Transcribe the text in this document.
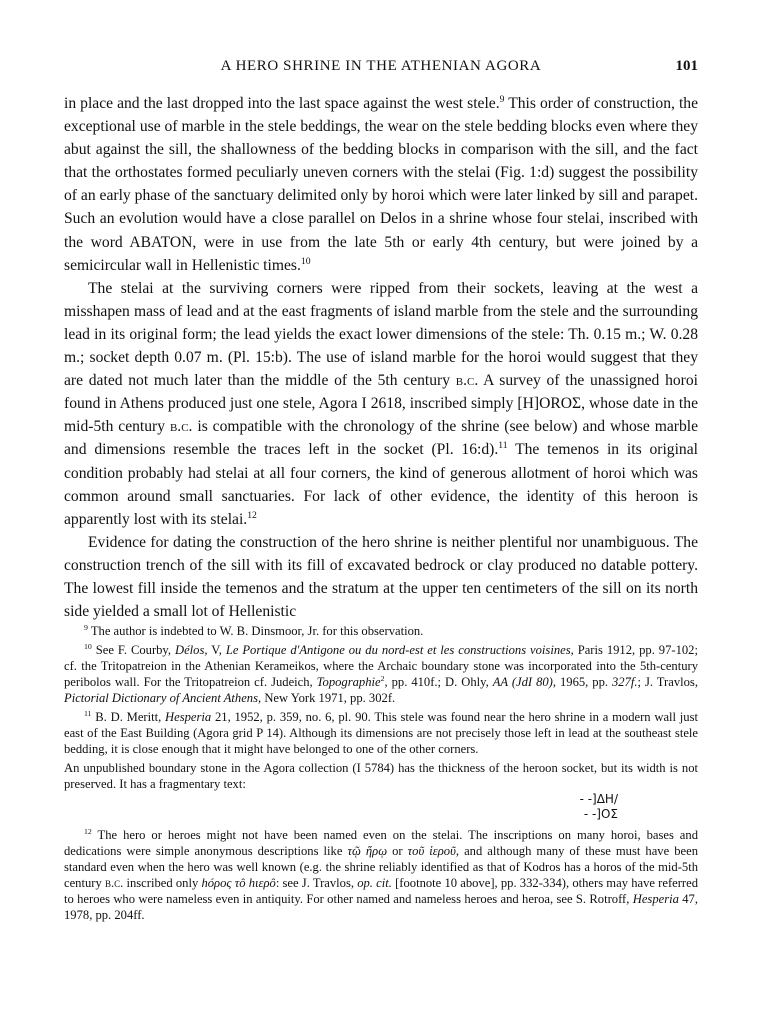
A HERO SHRINE IN THE ATHENIAN AGORA	101

in place and the last dropped into the last space against the west stele.$^9$ This order of construction, the exceptional use of marble in the stele beddings, the wear on the stele bedding blocks even where they abut against the sill, the shallowness of the bedding blocks in comparison with the sill, and the fact that the orthostates formed peculiarly uneven corners with the stelai (Fig. 1:d) suggest the possibility of an early phase of the sanctuary delimited only by horoi which were later linked by sill and parapet. Such an evolution would have a close parallel on Delos in a shrine whose four stelai, inscribed with the word ABATON, were in use from the late 5th or early 4th century, but were joined by a semicircular wall in Hellenistic times.$^{10}$

The stelai at the surviving corners were ripped from their sockets, leaving at the west a misshapen mass of lead and at the east fragments of island marble from the stele and the surrounding lead in its original form; the lead yields the exact lower dimensions of the stele: Th. 0.15 m.; W. 0.28 m.; socket depth 0.07 m. (Pl. 15:b). The use of island marble for the horoi would suggest that they are dated not much later than the middle of the 5th century b.c. A survey of the unassigned horoi found in Athens produced just one stele, Agora I 2618, inscribed simply [H]OROΣ, whose date in the mid-5th century b.c. is compatible with the chronology of the shrine (see below) and whose marble and dimensions resemble the traces left in the socket (Pl. 16:d).$^{11}$ The temenos in its original condition probably had stelai at all four corners, the kind of generous allotment of horoi which was common around small sanctuaries. For lack of other evidence, the identity of this heroon is apparently lost with its stelai.$^{12}$

Evidence for dating the construction of the hero shrine is neither plentiful nor unambiguous. The construction trench of the sill with its fill of excavated bedrock or clay produced no datable pottery. The lowest fill inside the temenos and the stratum at the upper ten centimeters of the sill on its north side yielded a small lot of Hellenistic

$^9$ The author is indebted to W. B. Dinsmoor, Jr. for this observation.

$^{10}$ See F. Courby, Délos, V, Le Portique d'Antigone ou du nord-est et les constructions voisines, Paris 1912, pp. 97-102; cf. the Tritopatreion in the Athenian Kerameikos, where the Archaic boundary stone was incorporated into the 5th-century peribolos wall. For the Tritopatreion cf. Judeich, Topographie$^2$, pp. 410f.; D. Ohly, AA (JdI 80), 1965, pp. 327f.; J. Travlos, Pictorial Dictionary of Ancient Athens, New York 1971, pp. 302f.

$^{11}$ B. D. Meritt, Hesperia 21, 1952, p. 359, no. 6, pl. 90. This stele was found near the hero shrine in a modern wall just east of the East Building (Agora grid P 14). Although its dimensions are not precisely those left in lead at the southeast stele bedding, it is close enough that it might have belonged to one of the other corners.

An unpublished boundary stone in the Agora collection (I 5784) has the thickness of the heroon socket, but its width is not preserved. It has a fragmentary text:

- -]ΔH/
- -]OΣ

$^{12}$ The hero or heroes might not have been named even on the stelai. The inscriptions on many horoi, bases and dedications were simple anonymous descriptions like τῷ ἥρῳ or τοῦ ἱεροῦ, and although many of these must have been standard even when the hero was well known (e.g. the shrine reliably identified as that of Kodros has a horos of the mid-5th century b.c. inscribed only hóρος τô hιερô: see J. Travlos, op. cit. [footnote 10 above], pp. 332-334), others may have referred to heroes who were nameless even in antiquity. For other named and nameless heroes and heroa, see S. Rotroff, Hesperia 47, 1978, pp. 204ff.
